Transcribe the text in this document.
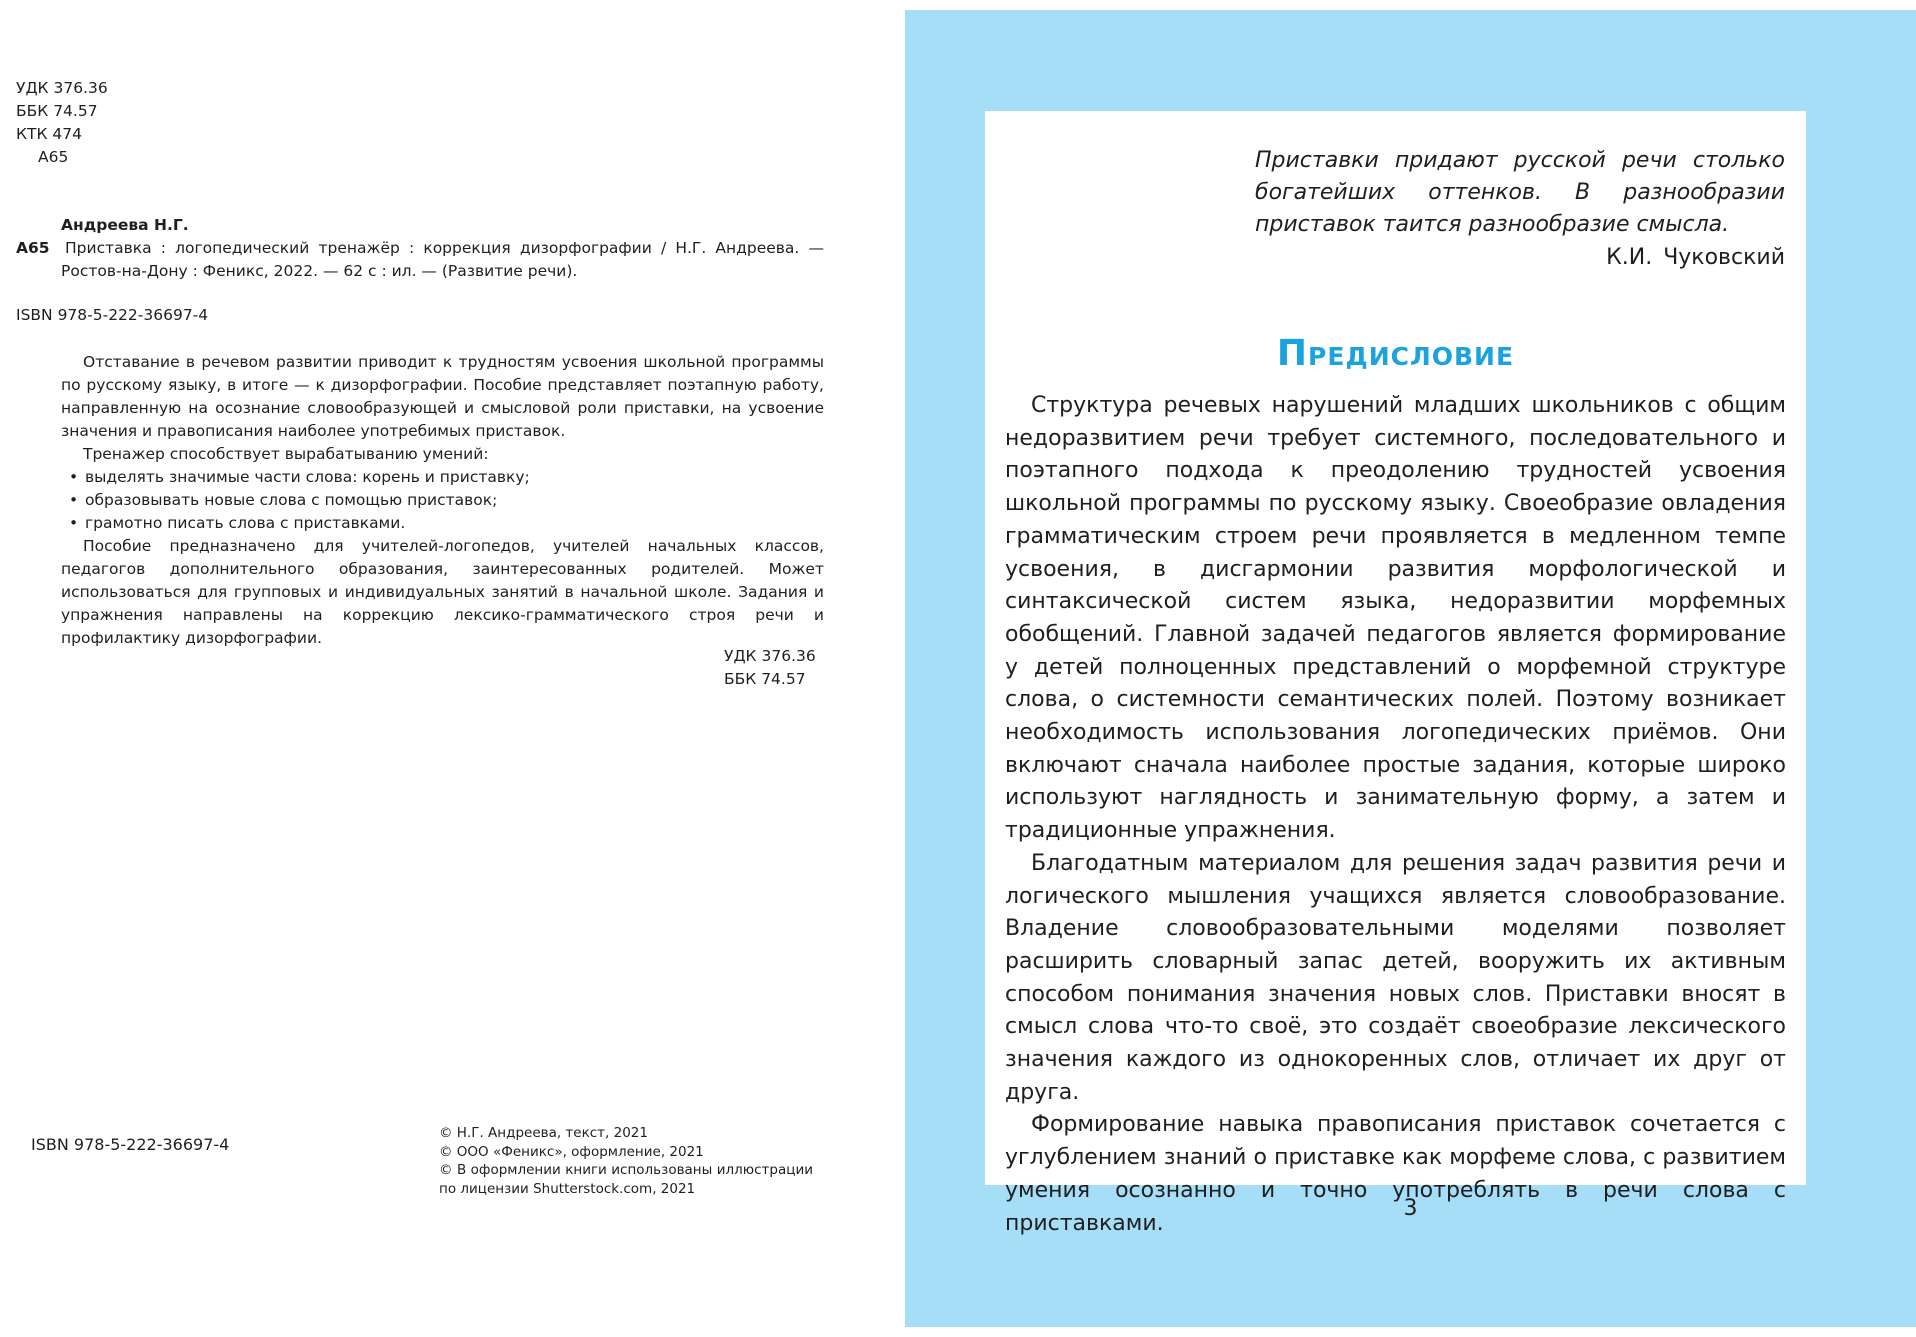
УДК 376.36
ББК 74.57
КТК 474
А65
Андреева Н.Г.
А65 Приставка : логопедический тренажёр : коррекция дизорфографии / Н.Г. Андреева. — Ростов-на-Дону : Феникс, 2022. — 62 с : ил. — (Развитие речи).
ISBN 978-5-222-36697-4

Отставание в речевом развитии приводит к трудностям усвоения школьной программы по русскому языку, в итоге — к дизорфографии. Пособие представляет поэтапную работу, направленную на осознание словообразующей и смысловой роли приставки, на усвоение значения и правописания наиболее употребимых приставок.

Тренажер способствует вырабатыванию умений:

• выделять значимые части слова: корень и приставку;
• образовывать новые слова с помощью приставок;
• грамотно писать слова с приставками.

Пособие предназначено для учителей-логопедов, учителей начальных классов, педагогов дополнительного образования, заинтересованных родителей. Может использоваться для групповых и индивидуальных занятий в начальной школе. Задания и упражнения направлены на коррекцию лексико-грамматического строя речи и профилактику дизорфографии.

УДК 376.36
ББК 74.57
ISBN 978-5-222-36697-4
© Н.Г. Андреева, текст, 2021
© ООО «Феникс», оформление, 2021
© В оформлении книги использованы иллюстрации
по лицензии Shutterstock.com, 2021
Приставки придают русской речи столько богатейших оттенков. В разнообразии приставок таится разнообразие смысла.
К.И. Чуковский
Предисловие

Структура речевых нарушений младших школьников с общим недоразвитием речи требует системного, последовательного и поэтапного подхода к преодолению трудностей усвоения школьной программы по русскому языку. Своеобразие овладения грамматическим строем речи проявляется в медленном темпе усвоения, в дисгармонии развития морфологической и синтаксической систем языка, недоразвитии морфемных обобщений. Главной задачей педагогов является формирование у детей полноценных представлений о морфемной структуре слова, о системности семантических полей. Поэтому возникает необходимость использования логопедических приёмов. Они включают сначала наиболее простые задания, которые широко используют наглядность и занимательную форму, а затем и традиционные упражнения.

Благодатным материалом для решения задач развития речи и логического мышления учащихся является словообразование. Владение словообразовательными моделями позволяет расширить словарный запас детей, вооружить их активным способом понимания значения новых слов. Приставки вносят в смысл слова что-то своё, это создаёт своеобразие лексического значения каждого из однокоренных слов, отличает их друг от друга.

Формирование навыка правописания приставок сочетается с углублением знаний о приставке как морфеме слова, с развитием умения осознанно и точно употреблять в речи слова с приставками.

3
